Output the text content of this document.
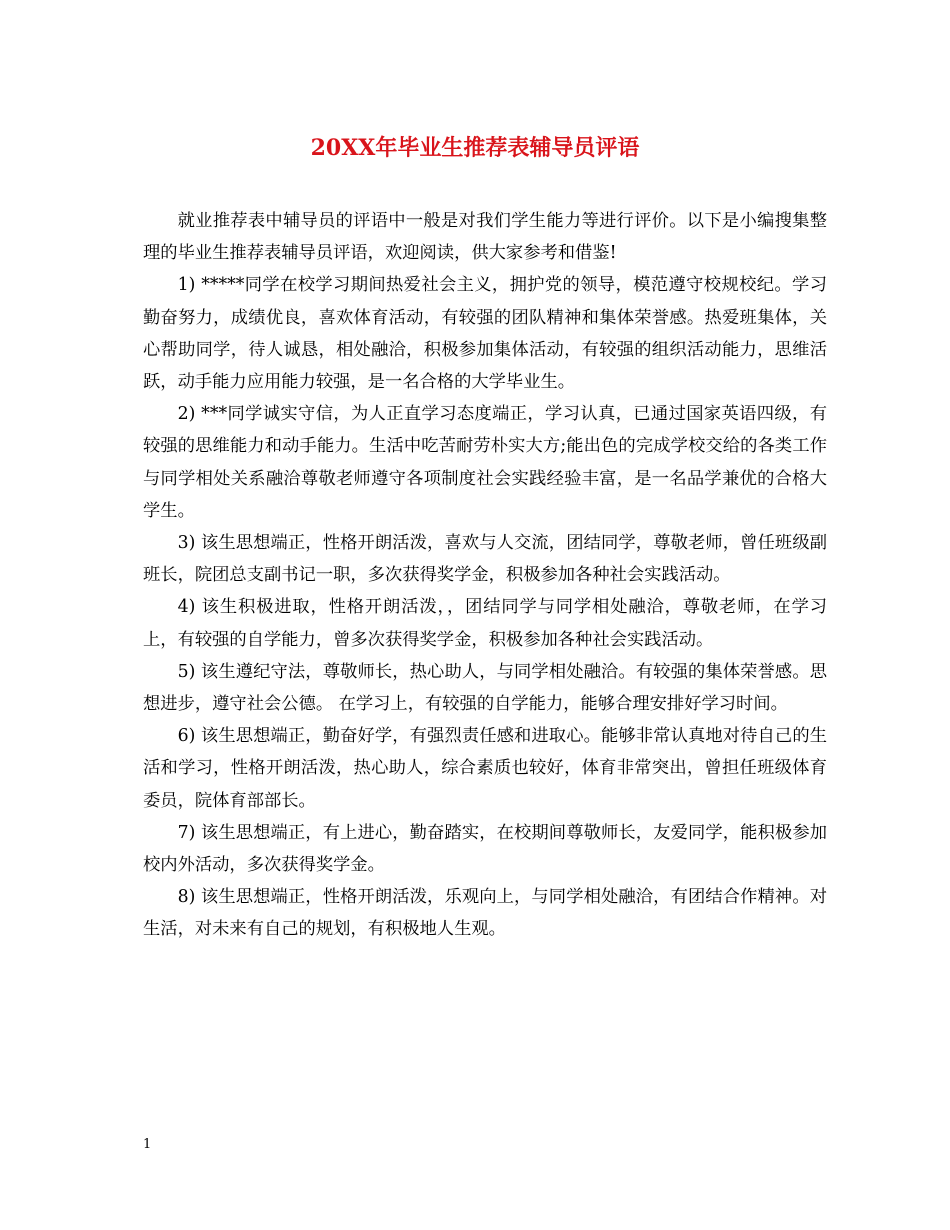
20XX年毕业生推荐表辅导员评语

就业推荐表中辅导员的评语中一般是对我们学生能力等进行评价。以下是小编搜集整理的毕业生推荐表辅导员评语，欢迎阅读，供大家参考和借鉴!

1) *****同学在校学习期间热爱社会主义，拥护党的领导，模范遵守校规校纪。学习勤奋努力，成绩优良，喜欢体育活动，有较强的团队精神和集体荣誉感。热爱班集体，关心帮助同学，待人诚恳，相处融洽，积极参加集体活动，有较强的组织活动能力，思维活跃，动手能力应用能力较强，是一名合格的大学毕业生。

2) ***同学诚实守信，为人正直学习态度端正，学习认真，已通过国家英语四级，有较强的思维能力和动手能力。生活中吃苦耐劳朴实大方;能出色的完成学校交给的各类工作与同学相处关系融洽尊敬老师遵守各项制度社会实践经验丰富，是一名品学兼优的合格大学生。

3) 该生思想端正，性格开朗活泼，喜欢与人交流，团结同学，尊敬老师，曾任班级副班长，院团总支副书记一职，多次获得奖学金，积极参加各种社会实践活动。

4) 该生积极进取，性格开朗活泼，，团结同学与同学相处融洽，尊敬老师，在学习上，有较强的自学能力，曾多次获得奖学金，积极参加各种社会实践活动。

5) 该生遵纪守法，尊敬师长，热心助人，与同学相处融洽。有较强的集体荣誉感。思想进步，遵守社会公德。 在学习上，有较强的自学能力，能够合理安排好学习时间。

6) 该生思想端正，勤奋好学，有强烈责任感和进取心。能够非常认真地对待自己的生活和学习，性格开朗活泼，热心助人，综合素质也较好，体育非常突出，曾担任班级体育委员，院体育部部长。

7) 该生思想端正，有上进心，勤奋踏实，在校期间尊敬师长，友爱同学，能积极参加校内外活动，多次获得奖学金。

8) 该生思想端正，性格开朗活泼，乐观向上，与同学相处融洽，有团结合作精神。对生活，对未来有自己的规划，有积极地人生观。

1
